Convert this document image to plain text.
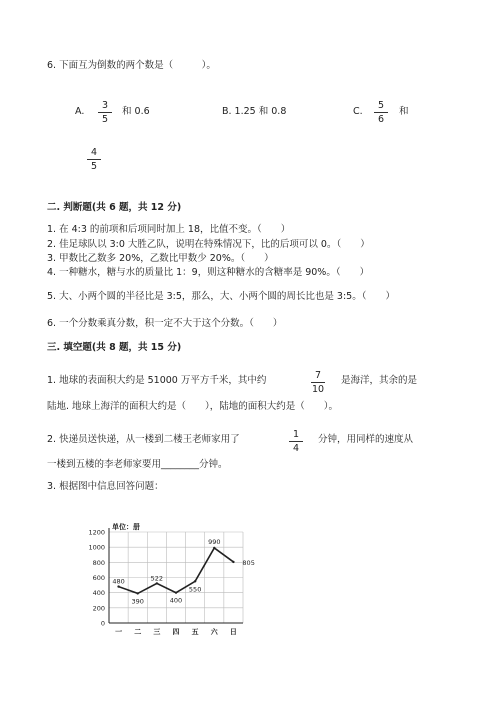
6. 下面互为倒数的两个数是（　　　）。
A.
3
5
和 0.6	B. 1.25 和 0.8	C.
5
6
和
4
5
二. 判断题(共 6 题，共 12 分)
1. 在 4:3 的前项和后项同时加上 18，比值不变。（　　）
2. 佳足球队以 3:0 大胜乙队，说明在特殊情况下，比的后项可以 0。（　　）
3. 甲数比乙数多 20%，乙数比甲数少 20%。（　　）
4. 一种糖水，糖与水的质量比 1：9，则这种糖水的含糖率是 90%。（　　）
5. 大、小两个圆的半径比是 3:5，那么，大、小两个圆的周长比也是 3:5。（　　）
6. 一个分数乘真分数，积一定不大于这个分数。（　　）
三. 填空题(共 8 题，共 15 分)
1. 地球的表面积大约是 51000 万平方千米，其中约	7
10
是海洋，其余的是
陆地. 地球上海洋的面积大约是（　　），陆地的面积大约是（　　）。
2. 快递员送快递，从一楼到二楼王老师家用了	1
4
分钟，用同样的速度从
一楼到五楼的李老师家要用________分钟。
3. 根据图中信息回答问题：
0
200
400
600
800
1000
1200
一 二 三 四 五 六 日
480
390
522
400
550
990
805
单位：册
